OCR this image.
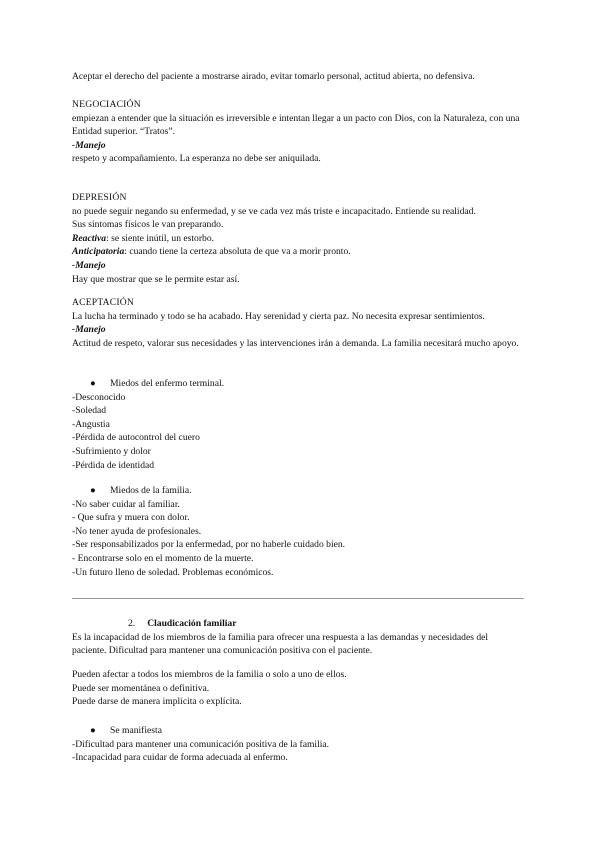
Aceptar el derecho del paciente a mostrarse airado, evitar tomarlo personal, actitud abierta, no defensiva.

NEGOCIACIÓN

empiezan a entender que la situación es irreversible e intentan llegar a un pacto con Dios, con la Naturaleza, con una Entidad superior. “Tratos”.

-Manejo

respeto y acompañamiento. La esperanza no debe ser aniquilada.

DEPRESIÓN

no puede seguir negando su enfermedad, y se ve cada vez más triste e incapacitado. Entiende su realidad.

Sus síntomas físicos le van preparando.

Reactiva: se siente inútil, un estorbo.

Anticipatoria: cuando tiene la certeza absoluta de que va a morir pronto.

-Manejo

Hay que mostrar que se le permite estar así.

ACEPTACIÓN

La lucha ha terminado y todo se ha acabado. Hay serenidad y cierta paz. No necesita expresar sentimientos.

-Manejo

Actitud de respeto, valorar sus necesidades y las intervenciones irán a demanda. La familia necesitará mucho apoyo.

●	Miedos del enfermo terminal.

-Desconocido

-Soledad

-Angustia

-Pérdida de autocontrol del cuero

-Sufrimiento y dolor

-Pérdida de identidad

●	Miedos de la familia.

-No saber cuidar al familiar.

- Que sufra y muera con dolor.

-No tener ayuda de profesionales.

-Ser responsabilizados por la enfermedad, por no haberle cuidado bien.

- Encontrarse solo en el momento de la muerte.

-Un futuro lleno de soledad. Problemas económicos.

2. Claudicación familiar

Es la incapacidad de los miembros de la familia para ofrecer una respuesta a las demandas y necesidades del paciente. Dificultad para mantener una comunicación positiva con el paciente.

Pueden afectar a todos los miembros de la familia o solo a uno de ellos.

Puede ser momentánea o definitiva.

Puede darse de manera implícita o explícita.

●	Se manifiesta

-Dificultad para mantener una comunicación positiva de la familia.

-Incapacidad para cuidar de forma adecuada al enfermo.
